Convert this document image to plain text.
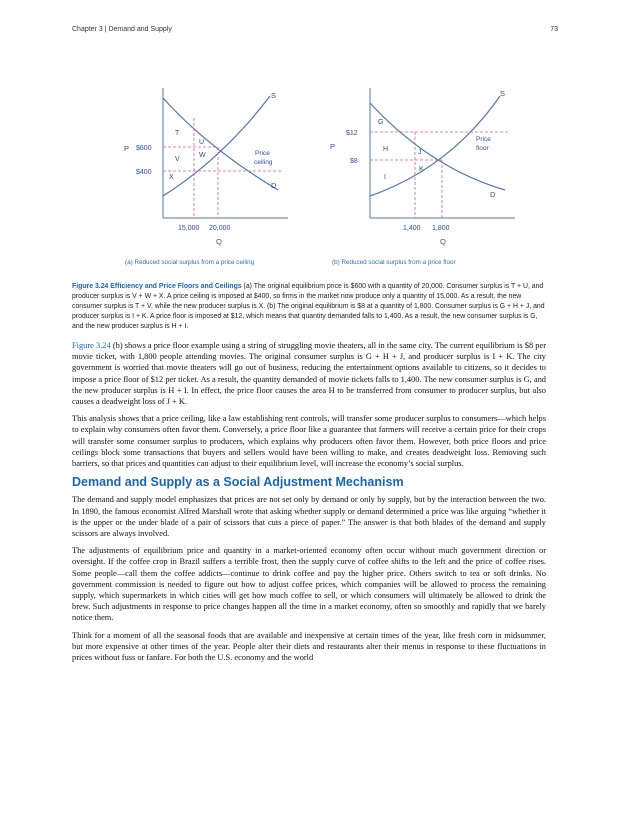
Chapter 3 | Demand and Supply	73
P $600
$400
15,000 20,000
Q
S
D
Price
ceiling
T
U
V
W
X
P
$12
$8
1,400 1,800
Q
S
D
Price
floor
G
H	J
I
K
(a) Reduced social surplus from a price ceiling	(b) Reduced social surplus from a price floor

Figure 3.24 Efficiency and Price Floors and Ceilings (a) The original equilibrium price is $600 with a quantity of 20,000. Consumer surplus is T + U, and producer surplus is V + W + X. A price ceiling is imposed at $400, so firms in the market now produce only a quantity of 15,000. As a result, the new consumer surplus is T + V, while the new producer surplus is X. (b) The original equilibrium is $8 at a quantity of 1,800. Consumer surplus is G + H + J, and producer surplus is I + K. A price floor is imposed at $12, which means that quantity demanded falls to 1,400. As a result, the new consumer surplus is G, and the new producer surplus is H + I.

Figure 3.24 (b) shows a price floor example using a string of struggling movie theaters, all in the same city. The current equilibrium is $8 per movie ticket, with 1,800 people attending movies. The original consumer surplus is G + H + J, and producer surplus is I + K. The city government is worried that movie theaters will go out of business, reducing the entertainment options available to citizens, so it decides to impose a price floor of $12 per ticket. As a result, the quantity demanded of movie tickets falls to 1,400. The new consumer surplus is G, and the new producer surplus is H + I. In effect, the price floor causes the area H to be transferred from consumer to producer surplus, but also causes a deadweight loss of J + K.

This analysis shows that a price ceiling, like a law establishing rent controls, will transfer some producer surplus to consumers—which helps to explain why consumers often favor them. Conversely, a price floor like a guarantee that farmers will receive a certain price for their crops will transfer some consumer surplus to producers, which explains why producers often favor them. However, both price floors and price ceilings block some transactions that buyers and sellers would have been willing to make, and creates deadweight loss. Removing such barriers, so that prices and quantities can adjust to their equilibrium level, will increase the economy’s social surplus.

Demand and Supply as a Social Adjustment Mechanism

The demand and supply model emphasizes that prices are not set only by demand or only by supply, but by the interaction between the two. In 1890, the famous economist Alfred Marshall wrote that asking whether supply or demand determined a price was like arguing “whether it is the upper or the under blade of a pair of scissors that cuts a piece of paper.” The answer is that both blades of the demand and supply scissors are always involved.

The adjustments of equilibrium price and quantity in a market-oriented economy often occur without much government direction or oversight. If the coffee crop in Brazil suffers a terrible frost, then the supply curve of coffee shifts to the left and the price of coffee rises. Some people—call them the coffee addicts—continue to drink coffee and pay the higher price. Others switch to tea or soft drinks. No government commission is needed to figure out how to adjust coffee prices, which companies will be allowed to process the remaining supply, which supermarkets in which cities will get how much coffee to sell, or which consumers will ultimately be allowed to drink the brew. Such adjustments in response to price changes happen all the time in a market economy, often so smoothly and rapidly that we barely notice them.

Think for a moment of all the seasonal foods that are available and inexpensive at certain times of the year, like fresh corn in midsummer, but more expensive at other times of the year. People alter their diets and restaurants alter their menus in response to these fluctuations in prices without fuss or fanfare. For both the U.S. economy and the world
